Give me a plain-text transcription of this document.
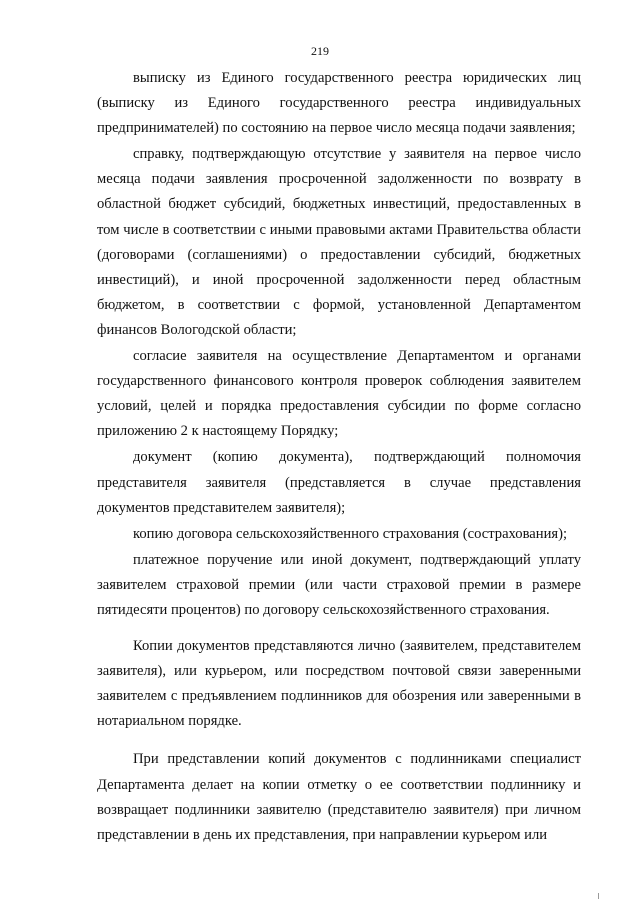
219

выписку из Единого государственного реестра юридических лиц (выписку из Единого государственного реестра индивидуальных предпринимателей) по состоянию на первое число месяца подачи заявления;

справку, подтверждающую отсутствие у заявителя на первое число месяца подачи заявления просроченной задолженности по возврату в областной бюджет субсидий, бюджетных инвестиций, предоставленных в том числе в соответствии с иными правовыми актами Правительства области (договорами (соглашениями) о предоставлении субсидий, бюджетных инвестиций), и иной просроченной задолженности перед областным бюджетом, в соответствии с формой, установленной Департаментом финансов Вологодской области;

согласие заявителя на осуществление Департаментом и органами государственного финансового контроля проверок соблюдения заявителем условий, целей и порядка предоставления субсидии по форме согласно приложению 2 к настоящему Порядку;

документ (копию документа), подтверждающий полномочия представителя заявителя (представляется в случае представления документов представителем заявителя);

копию договора сельскохозяйственного страхования (сострахования);

платежное поручение или иной документ, подтверждающий уплату заявителем страховой премии (или части страховой премии в размере пятидесяти процентов) по договору сельскохозяйственного страхования.

Копии документов представляются лично (заявителем, представителем заявителя), или курьером, или посредством почтовой связи заверенными заявителем с предъявлением подлинников для обозрения или заверенными в нотариальном порядке.

При представлении копий документов с подлинниками специалист Департамента делает на копии отметку о ее соответствии подлиннику и возвращает подлинники заявителю (представителю заявителя) при личном представлении в день их представления, при направлении курьером или
